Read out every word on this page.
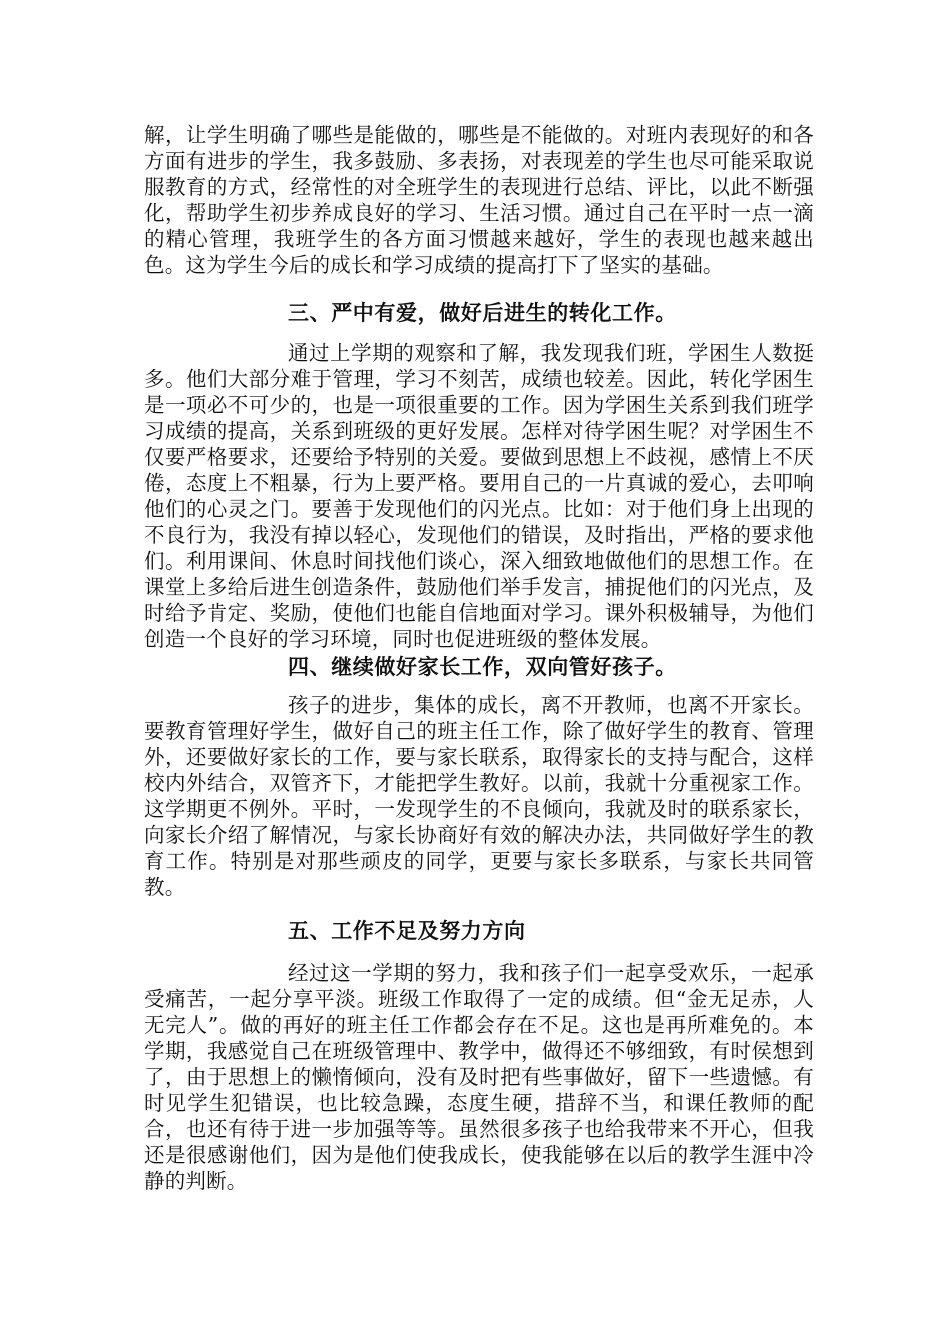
解，让学生明确了哪些是能做的，哪些是不能做的。对班内表现好的和各方面有进步的学生，我多鼓励、多表扬，对表现差的学生也尽可能采取说服教育的方式，经常性的对全班学生的表现进行总结、评比，以此不断强化，帮助学生初步养成良好的学习、生活习惯。通过自己在平时一点一滴的精心管理，我班学生的各方面习惯越来越好，学生的表现也越来越出色。这为学生今后的成长和学习成绩的提高打下了坚实的基础。

三、严中有爱，做好后进生的转化工作。

通过上学期的观察和了解，我发现我们班，学困生人数挺多。他们大部分难于管理，学习不刻苦，成绩也较差。因此，转化学困生是一项必不可少的，也是一项很重要的工作。因为学困生关系到我们班学习成绩的提高，关系到班级的更好发展。怎样对待学困生呢？对学困生不仅要严格要求，还要给予特别的关爱。要做到思想上不歧视，感情上不厌倦，态度上不粗暴，行为上要严格。要用自己的一片真诚的爱心，去叩响他们的心灵之门。要善于发现他们的闪光点。比如：对于他们身上出现的不良行为，我没有掉以轻心，发现他们的错误，及时指出，严格的要求他们。利用课间、休息时间找他们谈心，深入细致地做他们的思想工作。在课堂上多给后进生创造条件，鼓励他们举手发言，捕捉他们的闪光点，及时给予肯定、奖励，使他们也能自信地面对学习。课外积极辅导，为他们创造一个良好的学习环境，同时也促进班级的整体发展。

四、继续做好家长工作，双向管好孩子。

孩子的进步，集体的成长，离不开教师，也离不开家长。要教育管理好学生，做好自己的班主任工作，除了做好学生的教育、管理外，还要做好家长的工作，要与家长联系，取得家长的支持与配合，这样校内外结合，双管齐下，才能把学生教好。以前，我就十分重视家工作。这学期更不例外。平时，一发现学生的不良倾向，我就及时的联系家长，向家长介绍了解情况，与家长协商好有效的解决办法，共同做好学生的教育工作。特别是对那些顽皮的同学，更要与家长多联系，与家长共同管教。

五、工作不足及努力方向

经过这一学期的努力，我和孩子们一起享受欢乐，一起承受痛苦，一起分享平淡。班级工作取得了一定的成绩。但“金无足赤，人无完人”。做的再好的班主任工作都会存在不足。这也是再所难免的。本学期，我感觉自己在班级管理中、教学中，做得还不够细致，有时侯想到了，由于思想上的懒惰倾向，没有及时把有些事做好，留下一些遗憾。有时见学生犯错误，也比较急躁，态度生硬，措辞不当，和课任教师的配合，也还有待于进一步加强等等。虽然很多孩子也给我带来不开心，但我还是很感谢他们，因为是他们使我成长，使我能够在以后的教学生涯中冷静的判断。
